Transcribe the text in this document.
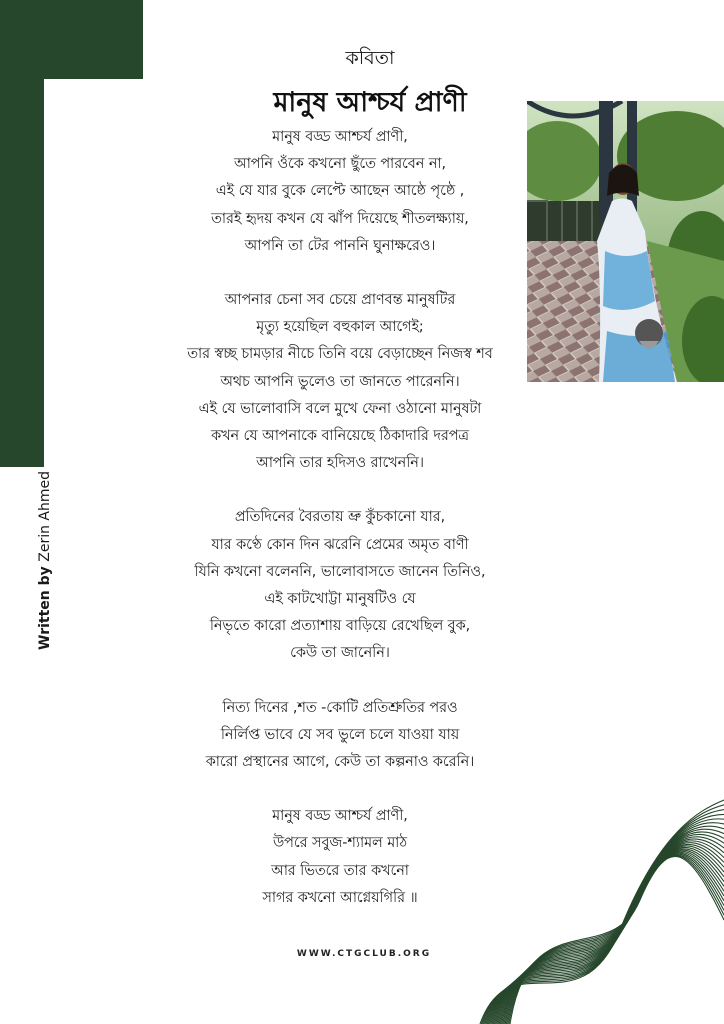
Written by Zerin Ahmed
কবিতা
মানুষ আশ্চর্য প্রাণী
মানুষ বড্ড আশ্চর্য প্রাণী,
আপনি ওঁকে কখনো ছুঁতে পারবেন না,
এই যে যার বুকে লেপ্টে আছেন আষ্ঠে পৃষ্ঠে ,
তারই হৃদয় কখন যে ঝাঁপ দিয়েছে শীতলক্ষ্যায়,
আপনি তা টের পাননি ঘুনাক্ষরেও।
আপনার চেনা সব চেয়ে প্রাণবন্ত মানুষটির
মৃত্যু হয়েছিল বহুকাল আগেই;
তার স্বচ্ছ চামড়ার নীচে তিনি বয়ে বেড়াচ্ছেন নিজস্ব শব
অথচ আপনি ভুলেও তা জানতে পারেননি।
এই যে ভালোবাসি বলে মুখে ফেনা ওঠানো মানুষটা
কখন যে আপনাকে বানিয়েছে ঠিকাদারি দরপত্র
আপনি তার হদিসও রাখেননি।
প্রতিদিনের বৈরতায় ভ্রু কুঁচকানো যার,
যার কণ্ঠে কোন দিন ঝরেনি প্রেমের অমৃত বাণী
যিনি কখনো বলেননি, ভালোবাসতে জানেন তিনিও,
এই কাটখোট্টা মানুষটিও যে
নিভৃতে কারো প্রত্যাশায় বাড়িয়ে রেখেছিল বুক,
কেউ তা জানেনি।
নিত্য দিনের ,শত -কোটি প্রতিশ্রুতির পরও
নির্লিপ্ত ভাবে যে সব ভুলে চলে যাওয়া যায়
কারো প্রস্থানের আগে, কেউ তা কল্পনাও করেনি।
মানুষ বড্ড আশ্চর্য প্রাণী,
উপরে সবুজ-শ্যামল মাঠ
আর ভিতরে তার কখনো
সাগর কখনো আগ্নেয়গিরি ॥
WWW.CTGCLUB.ORG
